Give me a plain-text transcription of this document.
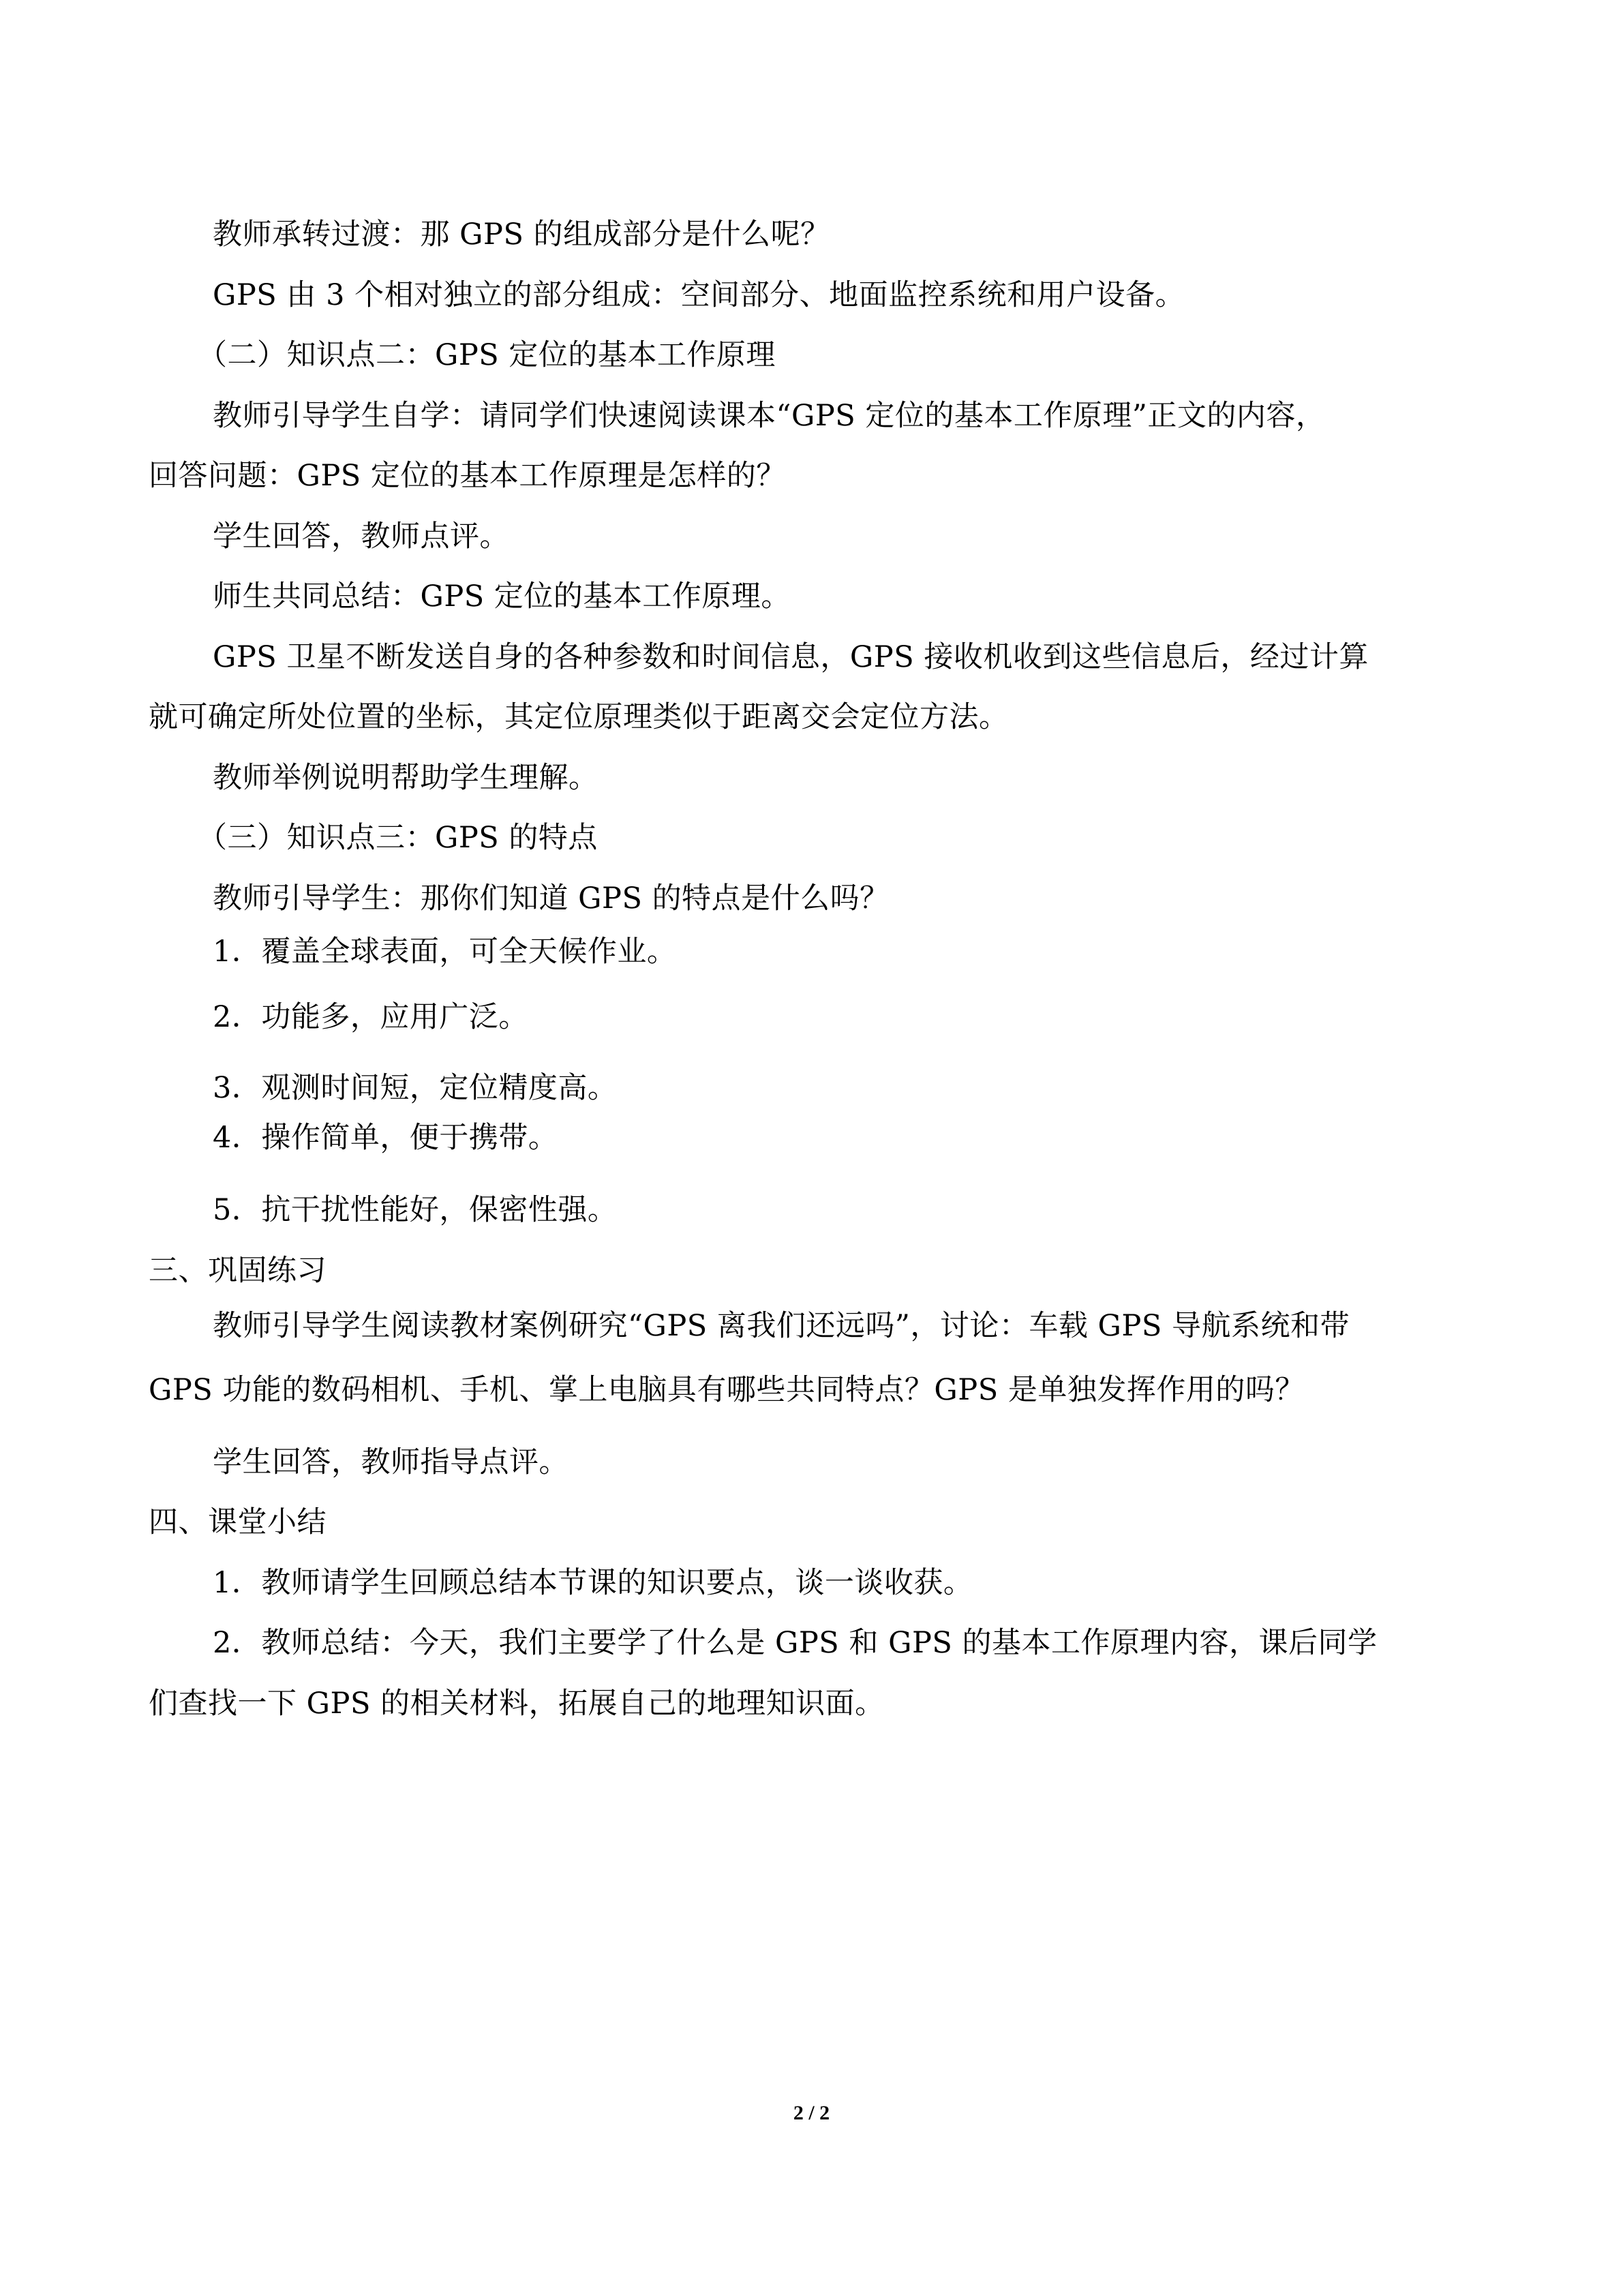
教师承转过渡：那 GPS 的组成部分是什么呢？
GPS 由 3 个相对独立的部分组成：空间部分、地面监控系统和用户设备。
（二）知识点二：GPS 定位的基本工作原理
教师引导学生自学：请同学们快速阅读课本“GPS 定位的基本工作原理”正文的内容，
回答问题：GPS 定位的基本工作原理是怎样的？
学生回答，教师点评。
师生共同总结：GPS 定位的基本工作原理。
GPS 卫星不断发送自身的各种参数和时间信息，GPS 接收机收到这些信息后，经过计算
就可确定所处位置的坐标，其定位原理类似于距离交会定位方法。
教师举例说明帮助学生理解。
（三）知识点三：GPS 的特点
教师引导学生：那你们知道 GPS 的特点是什么吗？
1．覆盖全球表面，可全天候作业。
2．功能多，应用广泛。
3．观测时间短，定位精度高。
4．操作简单，便于携带。
5．抗干扰性能好，保密性强。
三、巩固练习
教师引导学生阅读教材案例研究“GPS 离我们还远吗”，讨论：车载 GPS 导航系统和带
GPS 功能的数码相机、手机、掌上电脑具有哪些共同特点？GPS 是单独发挥作用的吗？
学生回答，教师指导点评。
四、课堂小结
1．教师请学生回顾总结本节课的知识要点，谈一谈收获。
2．教师总结：今天，我们主要学了什么是 GPS 和 GPS 的基本工作原理内容，课后同学
们查找一下 GPS 的相关材料，拓展自己的地理知识面。
2 / 2
